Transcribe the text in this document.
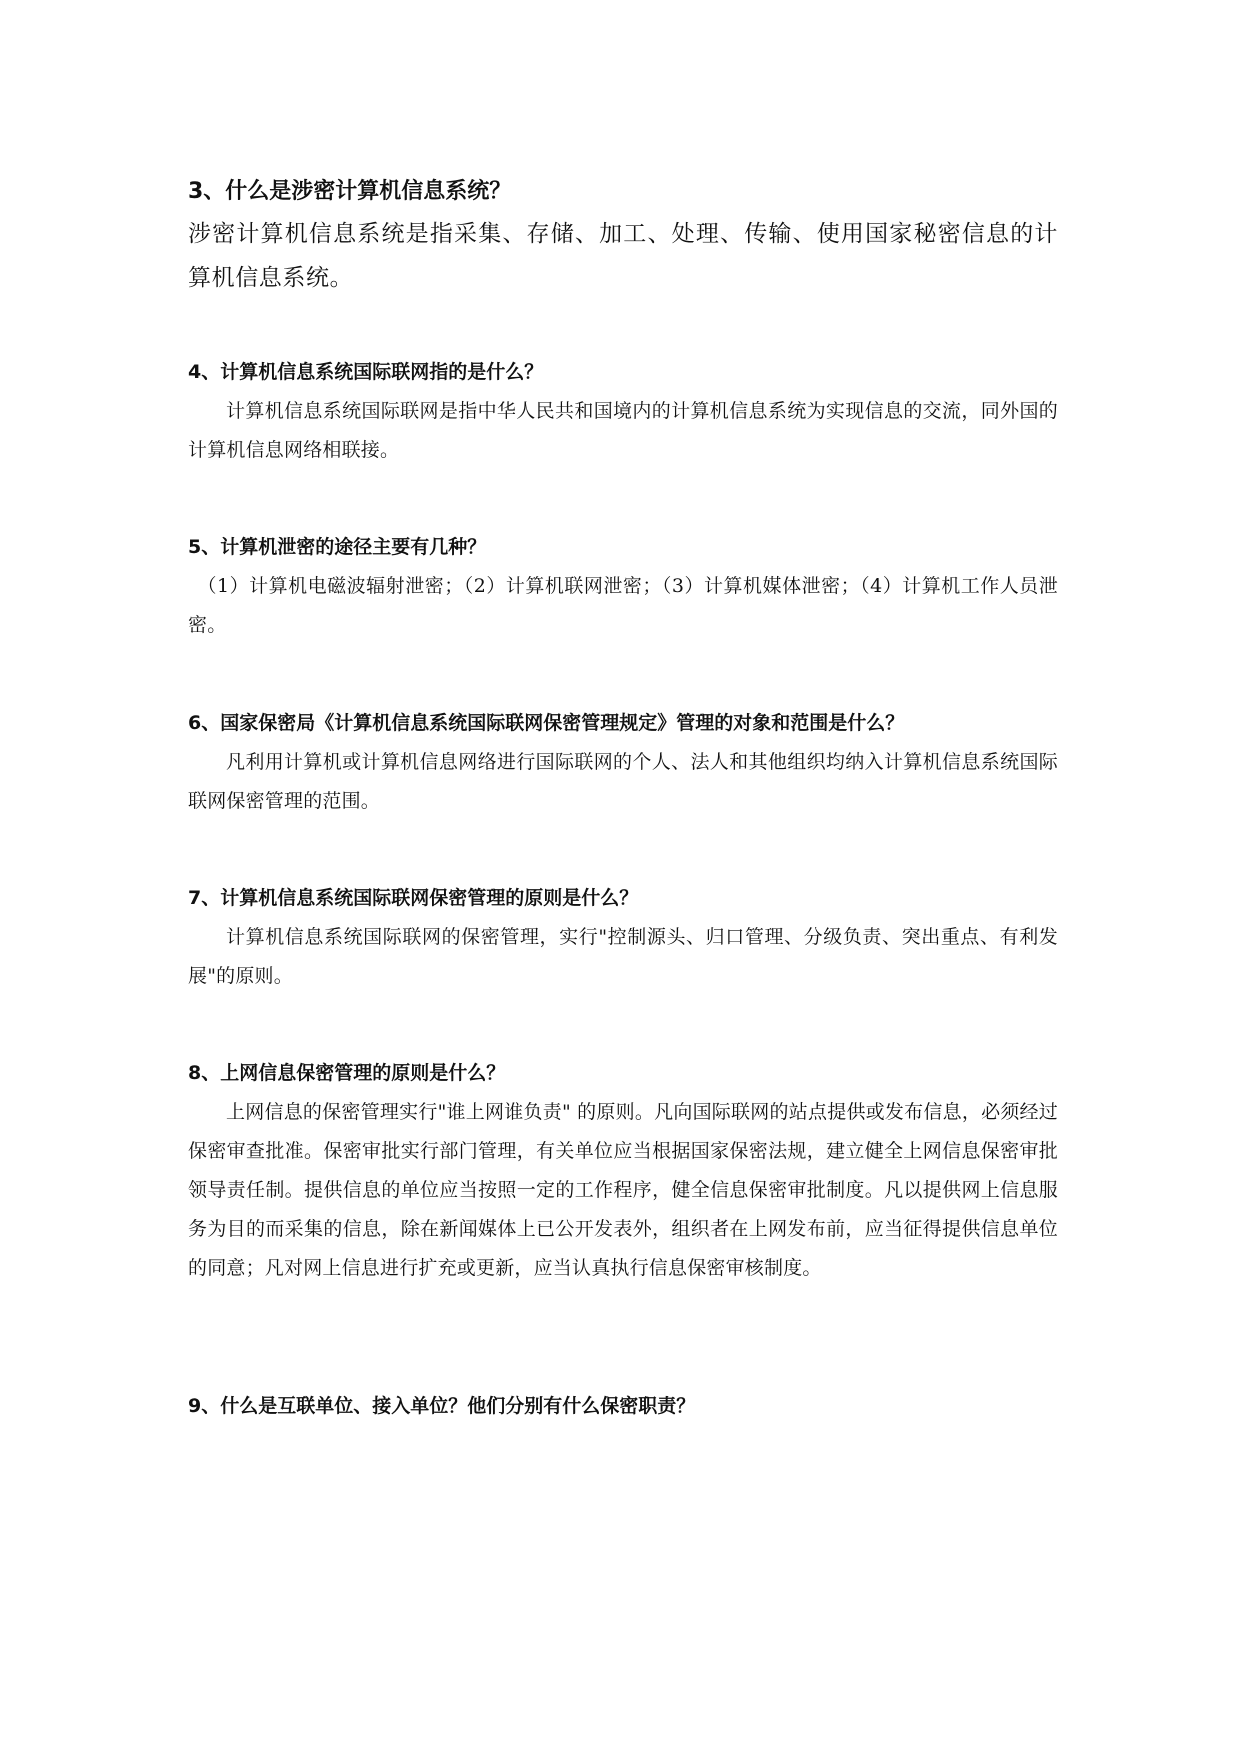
3、什么是涉密计算机信息系统？

涉密计算机信息系统是指采集、存储、加工、处理、传输、使用国家秘密信息的计算机信息系统。

4、计算机信息系统国际联网指的是什么？

计算机信息系统国际联网是指中华人民共和国境内的计算机信息系统为实现信息的交流，同外国的计算机信息网络相联接。

5、计算机泄密的途径主要有几种？

（1）计算机电磁波辐射泄密；（2）计算机联网泄密；（3）计算机媒体泄密；（4）计算机工作人员泄密。

6、国家保密局《计算机信息系统国际联网保密管理规定》管理的对象和范围是什么？

凡利用计算机或计算机信息网络进行国际联网的个人、法人和其他组织均纳入计算机信息系统国际联网保密管理的范围。

7、计算机信息系统国际联网保密管理的原则是什么？

计算机信息系统国际联网的保密管理，实行"控制源头、归口管理、分级负责、突出重点、有利发展"的原则。

8、上网信息保密管理的原则是什么？

上网信息的保密管理实行"谁上网谁负责" 的原则。凡向国际联网的站点提供或发布信息，必须经过保密审查批准。保密审批实行部门管理，有关单位应当根据国家保密法规，建立健全上网信息保密审批领导责任制。提供信息的单位应当按照一定的工作程序，健全信息保密审批制度。凡以提供网上信息服务为目的而采集的信息，除在新闻媒体上已公开发表外，组织者在上网发布前，应当征得提供信息单位的同意；凡对网上信息进行扩充或更新，应当认真执行信息保密审核制度。

9、什么是互联单位、接入单位？他们分别有什么保密职责？
